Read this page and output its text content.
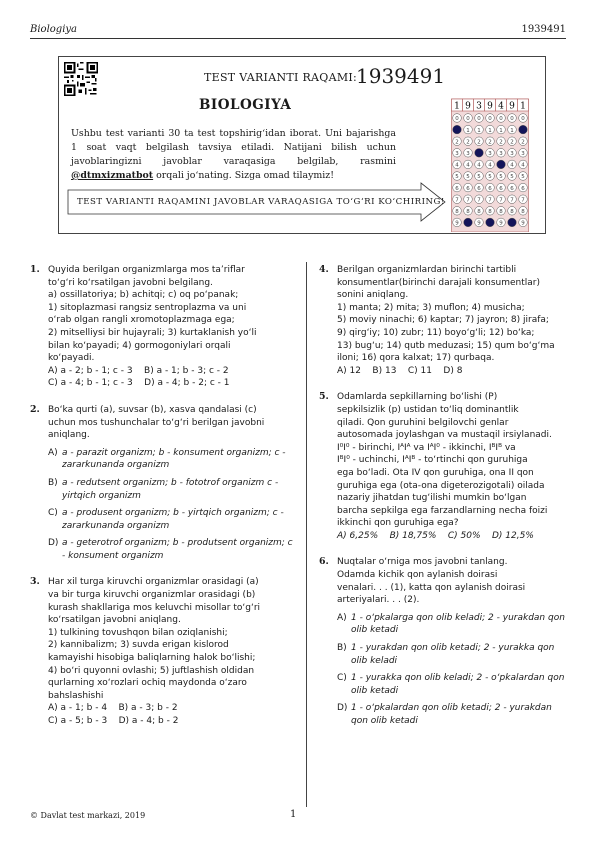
Biologiya	1939491
TEST VARIANTI RAQAMI:
1939491
BIOLOGIYA
Ushbu test varianti 30 ta test topshirig‘idan iborat. Uni bajarishga 1 soat vaqt belgilash tavsiya etiladi. Natijani bilish uchun javoblaringizni javoblar varaqasiga belgilab, rasmini @dtmxizmatbot orqali jo‘nating. Sizga omad tilaymiz!
TEST VARIANTI RAQAMINI JAVOBLAR VARAQASIGA TO‘G‘RI KO‘CHIRING!
1
0
2
3
4
5
6
7
8
9
9
0
1
2
3
4
5
6
7
8
3
0
1
2
4
5
6
7
8
9
9
0
1
2
3
4
5
6
7
8
4
0
1
2
3
5
6
7
8
9
9
0
1
2
3
4
5
6
7
8
1
0
2
3
4
5
6
7
8
9
1. Quyida berilgan organizmlarga mos ta’riflar
to‘g‘ri ko‘rsatilgan javobni belgilang.
a) ossillatoriya; b) achitqi; c) oq po‘panak;
1) sitoplazmasi rangsiz sentroplazma va uni
o‘rab olgan rangli xromotoplazmaga ega;
2) mitselliysi bir hujayrali; 3) kurtaklanish yo‘li
bilan ko‘payadi; 4) gormogoniylari orqali
ko‘payadi.
A) a - 2; b - 1; c - 3    B) a - 1; b - 3; c - 2
C) a - 4; b - 1; c - 3    D) a - 4; b - 2; c - 1
2. Bo‘ka qurti (a), suvsar (b), xasva qandalasi (c)
uchun mos tushunchalar to‘g‘ri berilgan javobni
aniqlang.
A) a - parazit organizm; b - konsument organizm; c - zararkunanda organizm
B) a - redutsent organizm; b - fototrof organizm c - yirtqich organizm
C) a - produsent organizm; b - yirtqich organizm; c - zararkunanda organizm
D) a - geterotrof organizm; b - produtsent organizm; c - konsument organizm
3. Har xil turga kiruvchi organizmlar orasidagi (a)
va bir turga kiruvchi organizmlar orasidagi (b)
kurash shakllariga mos keluvchi misollar to‘g‘ri
ko‘rsatilgan javobni aniqlang.
1) tulkining tovushqon bilan oziqlanishi;
2) kannibalizm; 3) suvda erigan kislorod
kamayishi hisobiga baliqlarning halok bo‘lishi;
4) bo‘ri quyonni ovlashi; 5) juftlashish oldidan
qurlarning xo‘rozlari ochiq maydonda o‘zaro
bahslashishi
A) a - 1; b - 4    B) a - 3; b - 2
C) a - 5; b - 3    D) a - 4; b - 2
4. Berilgan organizmlardan birinchi tartibli
konsumentlar(birinchi darajali konsumentlar)
sonini aniqlang.
1) manta; 2) mita; 3) muflon; 4) musicha;
5) moviy ninachi; 6) kaptar; 7) jayron; 8) jirafa;
9) qirg‘iy; 10) zubr; 11) boyo‘g‘li; 12) bo‘ka;
13) bug‘u; 14) qutb meduzasi; 15) qum bo‘g‘ma
iloni; 16) qora kalxat; 17) qurbaqa.
A) 12    B) 13    C) 11    D) 8
5. Odamlarda sepkillarning bo‘lishi (P)
sepkilsizlik (p) ustidan to‘liq dominantlik
qiladi. Qon guruhini belgilovchi genlar
autosomada joylashgan va mustaqil irsiylanadi.
I⁰I⁰ - birinchi, IᴬIᴬ va IᴬI⁰ - ikkinchi, IᴮIᴮ va
IᴮI⁰ - uchinchi, IᴬIᴮ - to‘rtinchi qon guruhiga
ega bo‘ladi. Ota IV qon guruhiga, ona II qon
guruhiga ega (ota-ona digeterozigotali) oilada
nazariy jihatdan tug‘ilishi mumkin bo‘lgan
barcha sepkilga ega farzandlarning necha foizi
ikkinchi qon guruhiga ega?
A) 6,25%    B) 18,75%    C) 50%    D) 12,5%
6. Nuqtalar o‘rniga mos javobni tanlang.
Odamda kichik qon aylanish doirasi
venalari. . . (1), katta qon aylanish doirasi
arteriyalari. . . (2).
A) 1 - o‘pkalarga qon olib keladi; 2 - yurakdan qon olib ketadi
B) 1 - yurakdan qon olib ketadi; 2 - yurakka qon olib keladi
C) 1 - yurakka qon olib keladi; 2 - o‘pkalardan qon olib ketadi
D) 1 - o‘pkalardan qon olib ketadi; 2 - yurakdan qon olib ketadi
© Davlat test markazi, 2019	1
